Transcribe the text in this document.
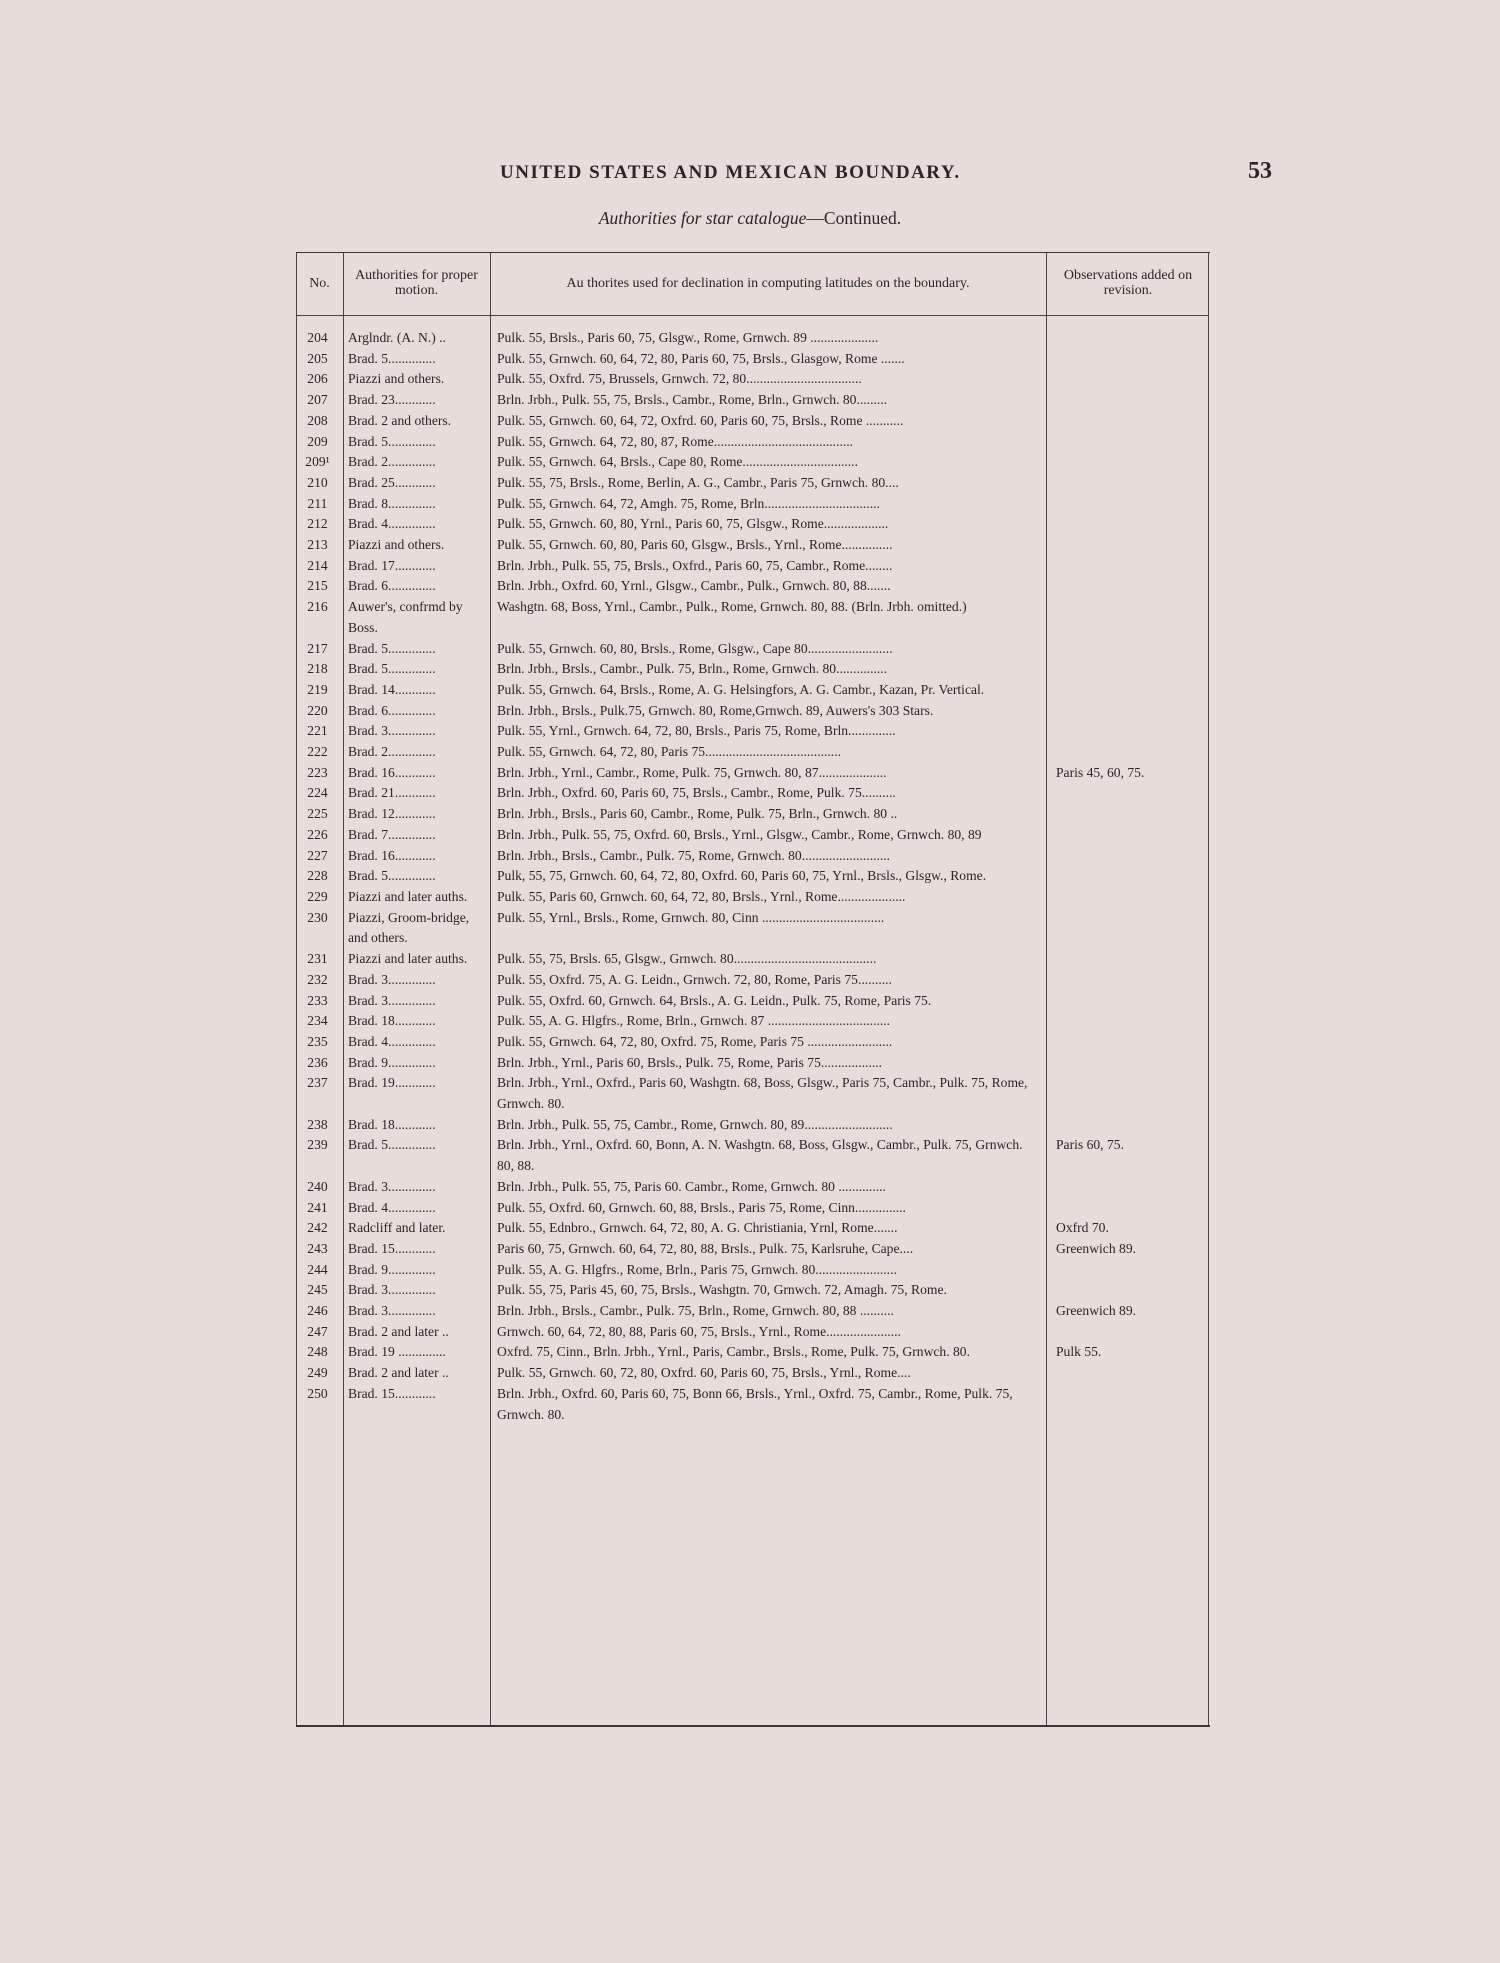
UNITED STATES AND MEXICAN BOUNDARY.	53
Authorities for star catalogue—Continued.
No.	Authorities for proper motion.	Au thorites used for declination in computing latitudes on the boundary.	Observations added on revision.

204	Arglndr. (A. N.) ..	Pulk. 55, Brsls., Paris 60, 75, Glsgw., Rome, Grnwch. 89 ....................	
205	Brad. 5..............	Pulk. 55, Grnwch. 60, 64, 72, 80, Paris 60, 75, Brsls., Glasgow, Rome .......	
206	Piazzi and others.	Pulk. 55, Oxfrd. 75, Brussels, Grnwch. 72, 80..................................	
207	Brad. 23............	Brln. Jrbh., Pulk. 55, 75, Brsls., Cambr., Rome, Brln., Grnwch. 80.........	
208	Brad. 2 and others.	Pulk. 55, Grnwch. 60, 64, 72, Oxfrd. 60, Paris 60, 75, Brsls., Rome ...........	
209	Brad. 5..............	Pulk. 55, Grnwch. 64, 72, 80, 87, Rome.........................................	
209¹	Brad. 2..............	Pulk. 55, Grnwch. 64, Brsls., Cape 80, Rome..................................	
210	Brad. 25............	Pulk. 55, 75, Brsls., Rome, Berlin, A. G., Cambr., Paris 75, Grnwch. 80....	
211	Brad. 8..............	Pulk. 55, Grnwch. 64, 72, Amgh. 75, Rome, Brln..................................	
212	Brad. 4..............	Pulk. 55, Grnwch. 60, 80, Yrnl., Paris 60, 75, Glsgw., Rome...................	
213	Piazzi and others.	Pulk. 55, Grnwch. 60, 80, Paris 60, Glsgw., Brsls., Yrnl., Rome...............	
214	Brad. 17............	Brln. Jrbh., Pulk. 55, 75, Brsls., Oxfrd., Paris 60, 75, Cambr., Rome........	
215	Brad. 6..............	Brln. Jrbh., Oxfrd. 60, Yrnl., Glsgw., Cambr., Pulk., Grnwch. 80, 88.......	
216	Auwer's, confrmd by Boss.	Washgtn. 68, Boss, Yrnl., Cambr., Pulk., Rome, Grnwch. 80, 88. (Brln. Jrbh. omitted.)	
217	Brad. 5..............	Pulk. 55, Grnwch. 60, 80, Brsls., Rome, Glsgw., Cape 80.........................	
218	Brad. 5..............	Brln. Jrbh., Brsls., Cambr., Pulk. 75, Brln., Rome, Grnwch. 80...............	
219	Brad. 14............	Pulk. 55, Grnwch. 64, Brsls., Rome, A. G. Helsingfors, A. G. Cambr., Kazan, Pr. Vertical.	
220	Brad. 6..............	Brln. Jrbh., Brsls., Pulk.75, Grnwch. 80, Rome,Grnwch. 89, Auwers's 303 Stars.	
221	Brad. 3..............	Pulk. 55, Yrnl., Grnwch. 64, 72, 80, Brsls., Paris 75, Rome, Brln..............	
222	Brad. 2..............	Pulk. 55, Grnwch. 64, 72, 80, Paris 75........................................	
223	Brad. 16............	Brln. Jrbh., Yrnl., Cambr., Rome, Pulk. 75, Grnwch. 80, 87....................	Paris 45, 60, 75.
224	Brad. 21............	Brln. Jrbh., Oxfrd. 60, Paris 60, 75, Brsls., Cambr., Rome, Pulk. 75..........	
225	Brad. 12............	Brln. Jrbh., Brsls., Paris 60, Cambr., Rome, Pulk. 75, Brln., Grnwch. 80 ..	
226	Brad. 7..............	Brln. Jrbh., Pulk. 55, 75, Oxfrd. 60, Brsls., Yrnl., Glsgw., Cambr., Rome, Grnwch. 80, 89	
227	Brad. 16............	Brln. Jrbh., Brsls., Cambr., Pulk. 75, Rome, Grnwch. 80..........................	
228	Brad. 5..............	Pulk, 55, 75, Grnwch. 60, 64, 72, 80, Oxfrd. 60, Paris 60, 75, Yrnl., Brsls., Glsgw., Rome.	
229	Piazzi and later auths.	Pulk. 55, Paris 60, Grnwch. 60, 64, 72, 80, Brsls., Yrnl., Rome....................	
230	Piazzi, Groom-bridge, and others.	Pulk. 55, Yrnl., Brsls., Rome, Grnwch. 80, Cinn ....................................	
231	Piazzi and later auths.	Pulk. 55, 75, Brsls. 65, Glsgw., Grnwch. 80..........................................	
232	Brad. 3..............	Pulk. 55, Oxfrd. 75, A. G. Leidn., Grnwch. 72, 80, Rome, Paris 75..........	
233	Brad. 3..............	Pulk. 55, Oxfrd. 60, Grnwch. 64, Brsls., A. G. Leidn., Pulk. 75, Rome, Paris 75.	
234	Brad. 18............	Pulk. 55, A. G. Hlgfrs., Rome, Brln., Grnwch. 87 ....................................	
235	Brad. 4..............	Pulk. 55, Grnwch. 64, 72, 80, Oxfrd. 75, Rome, Paris 75 .........................	
236	Brad. 9..............	Brln. Jrbh., Yrnl., Paris 60, Brsls., Pulk. 75, Rome, Paris 75..................	
237	Brad. 19............	Brln. Jrbh., Yrnl., Oxfrd., Paris 60, Washgtn. 68, Boss, Glsgw., Paris 75, Cambr., Pulk. 75, Rome, Grnwch. 80.	
238	Brad. 18............	Brln. Jrbh., Pulk. 55, 75, Cambr., Rome, Grnwch. 80, 89..........................	
239	Brad. 5..............	Brln. Jrbh., Yrnl., Oxfrd. 60, Bonn, A. N. Washgtn. 68, Boss, Glsgw., Cambr., Pulk. 75, Grnwch. 80, 88.	Paris 60, 75.
240	Brad. 3..............	Brln. Jrbh., Pulk. 55, 75, Paris 60. Cambr., Rome, Grnwch. 80 ..............	
241	Brad. 4..............	Pulk. 55, Oxfrd. 60, Grnwch. 60, 88, Brsls., Paris 75, Rome, Cinn...............	
242	Radcliff and later.	Pulk. 55, Ednbro., Grnwch. 64, 72, 80, A. G. Christiania, Yrnl, Rome.......	Oxfrd 70.
243	Brad. 15............	Paris 60, 75, Grnwch. 60, 64, 72, 80, 88, Brsls., Pulk. 75, Karlsruhe, Cape....	Greenwich 89.
244	Brad. 9..............	Pulk. 55, A. G. Hlgfrs., Rome, Brln., Paris 75, Grnwch. 80........................	
245	Brad. 3..............	Pulk. 55, 75, Paris 45, 60, 75, Brsls., Washgtn. 70, Grnwch. 72, Amagh. 75, Rome.	
246	Brad. 3..............	Brln. Jrbh., Brsls., Cambr., Pulk. 75, Brln., Rome, Grnwch. 80, 88 ..........	Greenwich 89.
247	Brad. 2 and later ..	Grnwch. 60, 64, 72, 80, 88, Paris 60, 75, Brsls., Yrnl., Rome......................	
248	Brad. 19 ..............	Oxfrd. 75, Cinn., Brln. Jrbh., Yrnl., Paris, Cambr., Brsls., Rome, Pulk. 75, Grnwch. 80.	Pulk 55.
249	Brad. 2 and later ..	Pulk. 55, Grnwch. 60, 72, 80, Oxfrd. 60, Paris 60, 75, Brsls., Yrnl., Rome....	
250	Brad. 15............	Brln. Jrbh., Oxfrd. 60, Paris 60, 75, Bonn 66, Brsls., Yrnl., Oxfrd. 75, Cambr., Rome, Pulk. 75, Grnwch. 80.	
